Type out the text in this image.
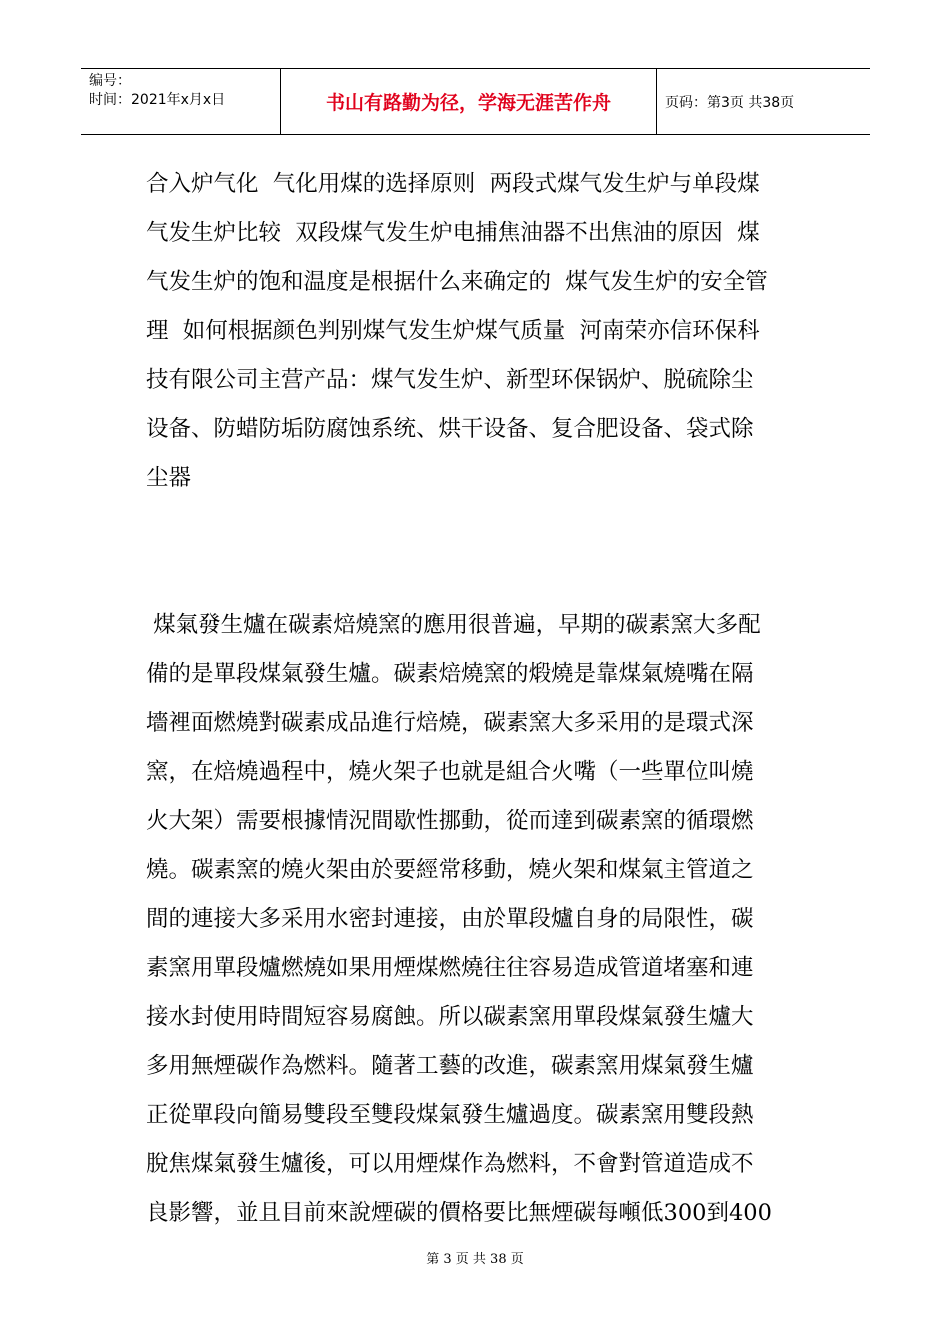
编号：
时间：2021年x月x日	书山有路勤为径，学海无涯苦作舟	页码：第3页 共38页
合入炉气化  气化用煤的选择原则  两段式煤气发生炉与单段煤
气发生炉比较  双段煤气发生炉电捕焦油器不出焦油的原因  煤
气发生炉的饱和温度是根据什么来确定的  煤气发生炉的安全管
理  如何根据颜色判别煤气发生炉煤气质量  河南荣亦信环保科
技有限公司主营产品：煤气发生炉、新型环保锅炉、脱硫除尘
设备、防蜡防垢防腐蚀系统、烘干设备、复合肥设备、袋式除
尘器
煤氣發生爐在碳素焙燒窯的應用很普遍，早期的碳素窯大多配
備的是單段煤氣發生爐。碳素焙燒窯的煅燒是靠煤氣燒嘴在隔
墻裡面燃燒對碳素成品進行焙燒，碳素窯大多采用的是環式深
窯，在焙燒過程中，燒火架子也就是組合火嘴（一些單位叫燒
火大架）需要根據情況間歇性挪動，從而達到碳素窯的循環燃
燒。碳素窯的燒火架由於要經常移動，燒火架和煤氣主管道之
間的連接大多采用水密封連接，由於單段爐自身的局限性，碳
素窯用單段爐燃燒如果用煙煤燃燒往往容易造成管道堵塞和連
接水封使用時間短容易腐蝕。所以碳素窯用單段煤氣發生爐大
多用無煙碳作為燃料。隨著工藝的改進，碳素窯用煤氣發生爐
正從單段向簡易雙段至雙段煤氣發生爐過度。碳素窯用雙段熱
脫焦煤氣發生爐後，可以用煙煤作為燃料，不會對管道造成不
良影響，並且目前來說煙碳的價格要比無煙碳每噸低300到400
第 3 页 共 38 页
